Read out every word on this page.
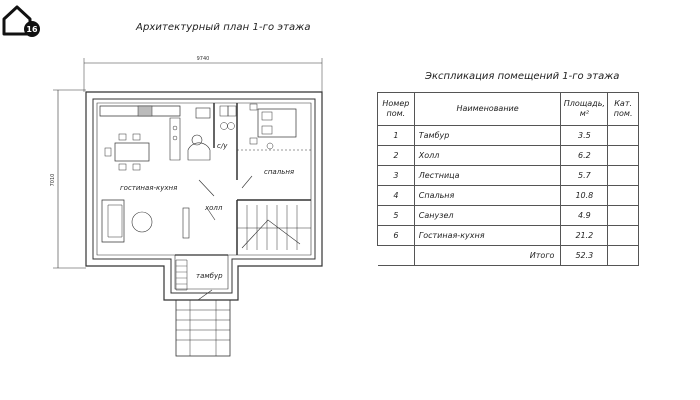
16	Архитектурный план 1-го этажа
9740
7010
гостиная-кухня
холл
с/у
спальня
тамбур
Экспликация помещений 1-го этажа
Номер пом.	Наименование	Площадь, м²	Кат. пом.
1	Тамбур	3.5	
2	Холл	6.2	
3	Лестница	5.7	
4	Спальня	10.8	
5	Санузел	4.9	
6	Гостиная-кухня	21.2	
	Итого	52.3	
